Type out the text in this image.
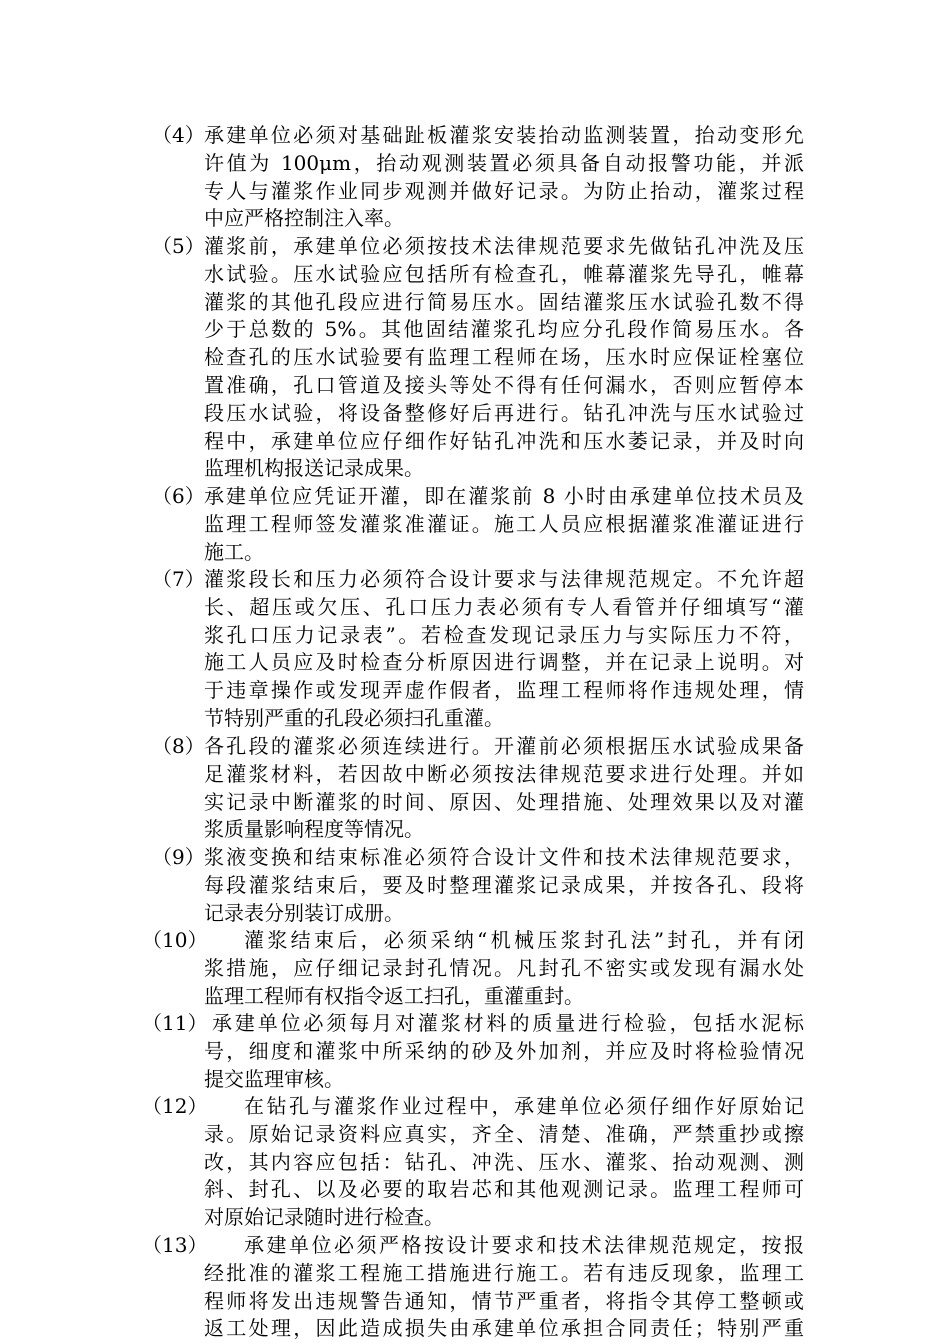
（4） 承建单位必须对基础趾板灌浆安装抬动监测装置，抬动变形允
许值为 100μm，抬动观测装置必须具备自动报警功能，并派
专人与灌浆作业同步观测并做好记录。为防止抬动，灌浆过程
中应严格控制注入率。
（5） 灌浆前，承建单位必须按技术法律规范要求先做钻孔冲洗及压
水试验。压水试验应包括所有检查孔，帷幕灌浆先导孔，帷幕
灌浆的其他孔段应进行简易压水。固结灌浆压水试验孔数不得
少于总数的 5%。其他固结灌浆孔均应分孔段作简易压水。各
检查孔的压水试验要有监理工程师在场，压水时应保证栓塞位
置准确，孔口管道及接头等处不得有任何漏水，否则应暂停本
段压水试验，将设备整修好后再进行。钻孔冲洗与压水试验过
程中，承建单位应仔细作好钻孔冲洗和压水萎记录，并及时向
监理机构报送记录成果。
（6） 承建单位应凭证开灌，即在灌浆前 8 小时由承建单位技术员及
监理工程师签发灌浆准灌证。施工人员应根据灌浆准灌证进行
施工。
（7） 灌浆段长和压力必须符合设计要求与法律规范规定。不允许超
长、超压或欠压、孔口压力表必须有专人看管并仔细填写“灌
浆孔口压力记录表”。若检查发现记录压力与实际压力不符，
施工人员应及时检查分析原因进行调整，并在记录上说明。对
于违章操作或发现弄虚作假者，监理工程师将作违规处理，情
节特别严重的孔段必须扫孔重灌。
（8） 各孔段的灌浆必须连续进行。开灌前必须根据压水试验成果备
足灌浆材料，若因故中断必须按法律规范要求进行处理。并如
实记录中断灌浆的时间、原因、处理措施、处理效果以及对灌
浆质量影响程度等情况。
（9） 浆液变换和结束标准必须符合设计文件和技术法律规范要求，
每段灌浆结束后，要及时整理灌浆记录成果，并按各孔、段将
记录表分别装订成册。
（10） 灌浆结束后，必须采纳“机械压浆封孔法”封孔，并有闭
浆措施，应仔细记录封孔情况。凡封孔不密实或发现有漏水处
监理工程师有权指令返工扫孔，重灌重封。
（11） 承建单位必须每月对灌浆材料的质量进行检验，包括水泥标
号，细度和灌浆中所采纳的砂及外加剂，并应及时将检验情况
提交监理审核。
（12） 在钻孔与灌浆作业过程中，承建单位必须仔细作好原始记
录。原始记录资料应真实，齐全、清楚、准确，严禁重抄或擦
改，其内容应包括：钻孔、冲洗、压水、灌浆、抬动观测、测
斜、封孔、以及必要的取岩芯和其他观测记录。监理工程师可
对原始记录随时进行检查。
（13） 承建单位必须严格按设计要求和技术法律规范规定，按报
经批准的灌浆工程施工措施进行施工。若有违反现象，监理工
程师将发出违规警告通知，情节严重者，将指令其停工整顿或
返工处理，因此造成损失由承建单位承担合同责任；特别严重
